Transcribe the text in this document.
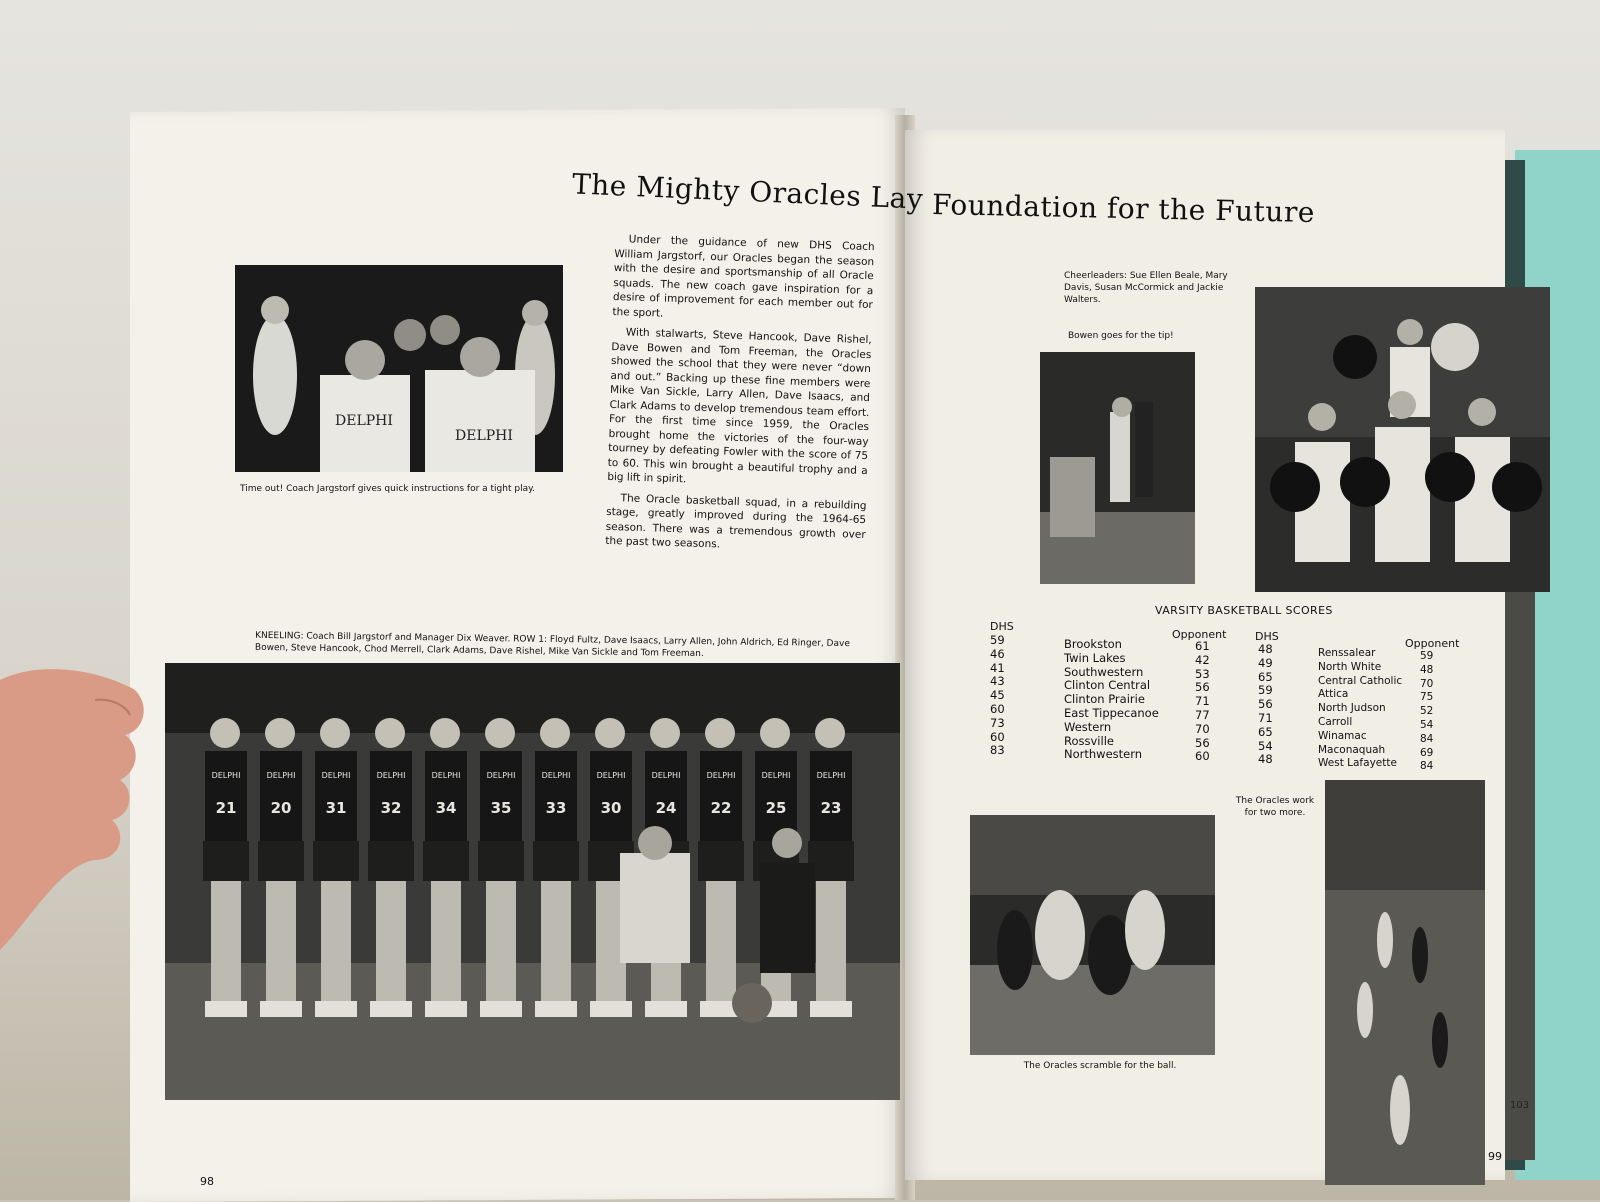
103
The Mighty Oracles Lay Foundation for the Future
DELPHI
DELPHI
Time out! Coach Jargstorf gives quick instructions for a tight play.

Under the guidance of new DHS Coach William Jargstorf, our Oracles began the season with the desire and sportsmanship of all Oracle squads. The new coach gave inspiration for a desire of improvement for each member out for the sport.

With stalwarts, Steve Hancook, Dave Rishel, Dave Bowen and Tom Freeman, the Oracles showed the school that they were never “down and out.” Backing up these fine members were Mike Van Sickle, Larry Allen, Dave Isaacs, and Clark Adams to develop tremendous team effort. For the first time since 1959, the Oracles brought home the victories of the four-way tourney by defeating Fowler with the score of 75 to 60. This win brought a beautiful trophy and a big lift in spirit.

The Oracle basketball squad, in a rebuilding stage, greatly improved during the 1964-65 season. There was a tremendous growth over the past two seasons.

KNEELING: Coach Bill Jargstorf and Manager Dix Weaver. ROW 1: Floyd Fultz, Dave Isaacs, Larry Allen, John Aldrich, Ed Ringer, Dave Bowen, Steve Hancook, Chod Merrell, Clark Adams, Dave Rishel, Mike Van Sickle and Tom Freeman.
DELPHI
21
DELPHI
20
DELPHI
31
DELPHI
32
DELPHI
34
DELPHI
35
DELPHI
33
DELPHI
30
DELPHI
24
DELPHI
22
DELPHI
25
DELPHI
23
98
Cheerleaders: Sue Ellen Beale, Mary Davis, Susan McCormick and Jackie Walters.
Bowen goes for the tip!
VARSITY BASKETBALL SCORES
DHS
Opponent	DHS
Opponent
59
46
41
43
45
60
73
60
83
Brookston
Twin Lakes
Southwestern
Clinton Central
Clinton Prairie
East Tippecanoe
Western
Rossville
Northwestern
61
42
53
56
71
77
70
56
60
48
49
65
59
56
71
65
54
48
Renssalear
North White
Central Catholic
Attica
North Judson
Carroll
Winamac
Maconaquah
West Lafayette
59
48
70
75
52
54
84
69
84
The Oracles work for two more.
The Oracles scramble for the ball.
99
